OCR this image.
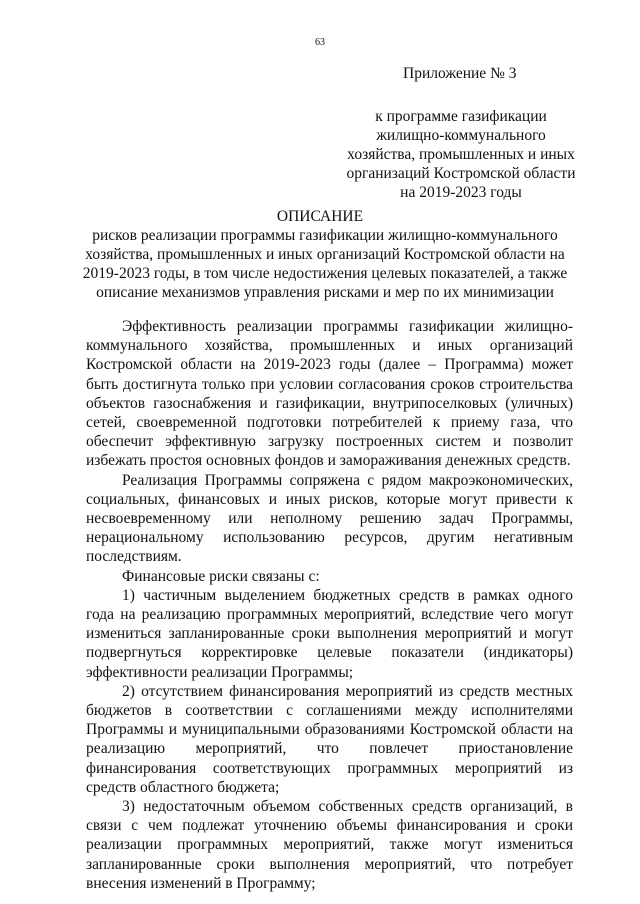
63
Приложение № 3
к программе газификации жилищно-коммунального хозяйства, промышленных и иных организаций Костромской области на 2019-2023 годы
ОПИСАНИЕ
рисков реализации программы газификации жилищно-коммунального хозяйства, промышленных и иных организаций Костромской области на 2019-2023 годы, в том числе недостижения целевых показателей, а также описание механизмов управления рисками и мер по их минимизации

Эффективность реализации программы газификации жилищно-коммунального хозяйства, промышленных и иных организаций Костромской области на 2019-2023 годы (далее – Программа) может быть достигнута только при условии согласования сроков строительства объектов газоснабжения и газификации, внутрипоселковых (уличных) сетей, своевременной подготовки потребителей к приему газа, что обеспечит эффективную загрузку построенных систем и позволит избежать простоя основных фондов и замораживания денежных средств.

Реализация Программы сопряжена с рядом макроэкономических, социальных, финансовых и иных рисков, которые могут привести к несвоевременному или неполному решению задач Программы, нерациональному использованию ресурсов, другим негативным последствиям.

Финансовые риски связаны с:

1) частичным выделением бюджетных средств в рамках одного года на реализацию программных мероприятий, вследствие чего могут измениться запланированные сроки выполнения мероприятий и могут подвергнуться корректировке целевые показатели (индикаторы) эффективности реализации Программы;

2) отсутствием финансирования мероприятий из средств местных бюджетов в соответствии с соглашениями между исполнителями Программы и муниципальными образованиями Костромской области на реализацию мероприятий, что повлечет приостановление финансирования соответствующих программных мероприятий из средств областного бюджета;

3) недостаточным объемом собственных средств организаций, в связи с чем подлежат уточнению объемы финансирования и сроки реализации программных мероприятий, также могут измениться запланированные сроки выполнения мероприятий, что потребует внесения изменений в Программу;
